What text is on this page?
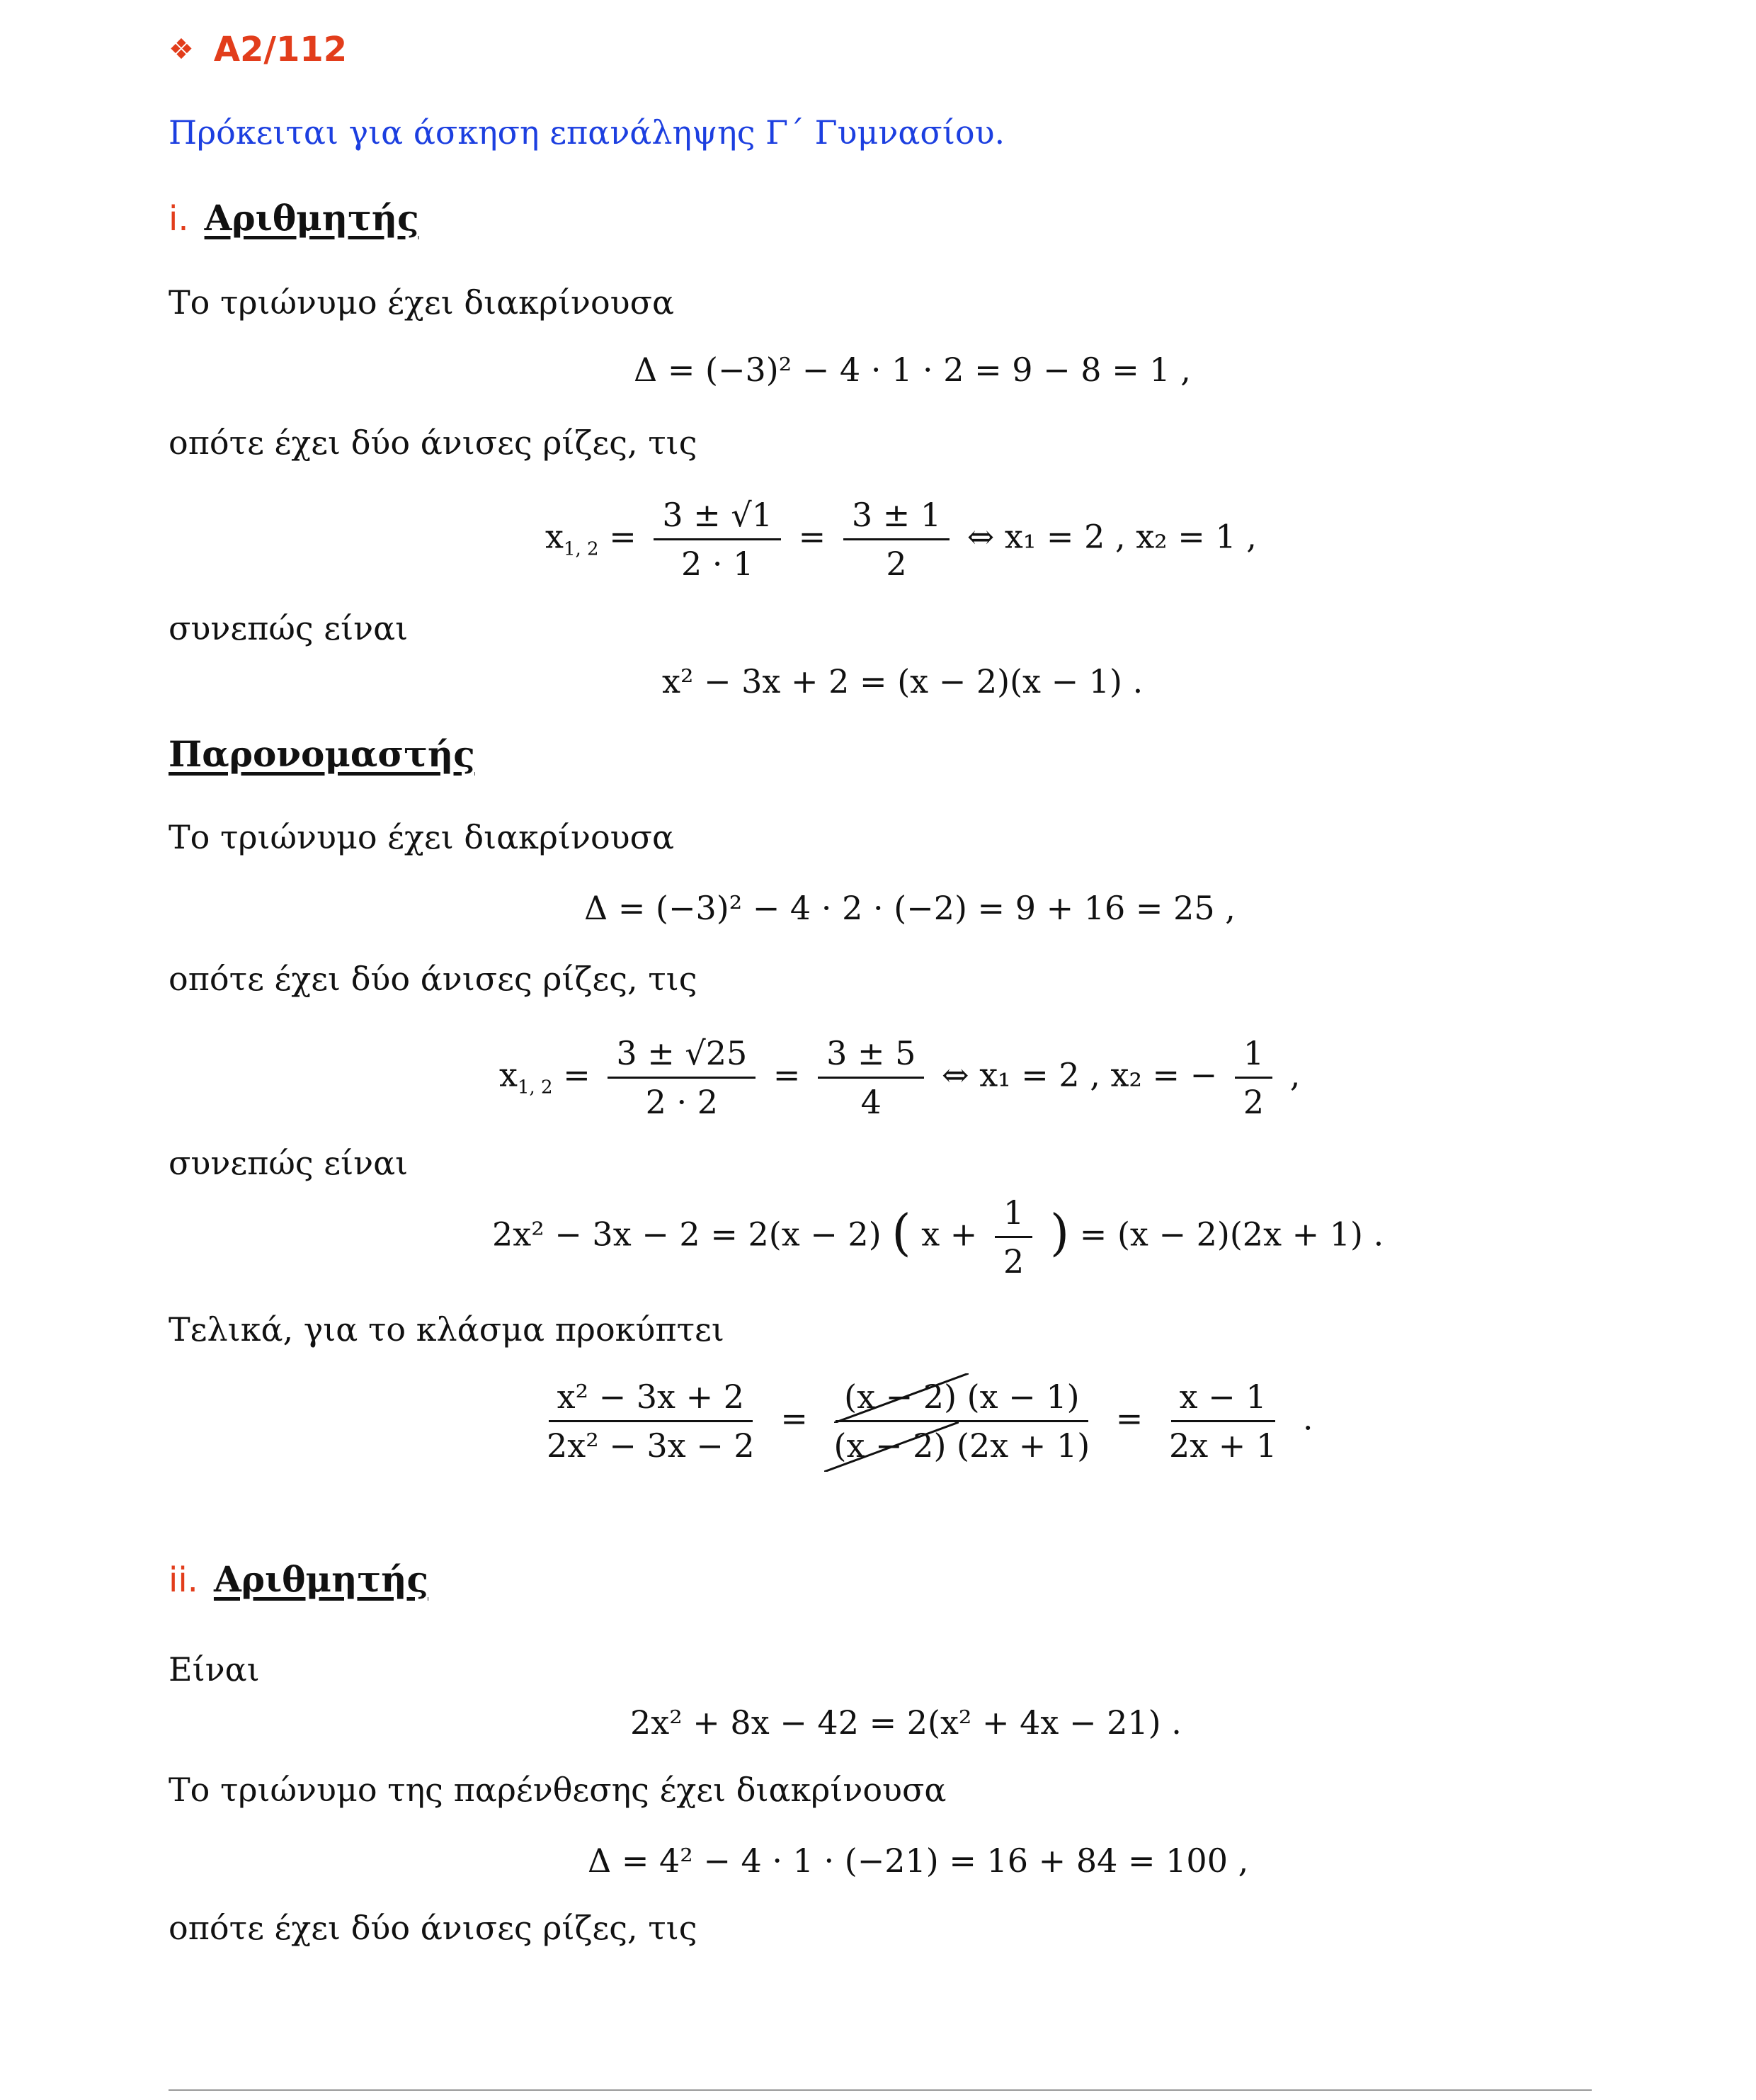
❖ A2/112
Πρόκειται για άσκηση επανάληψης Γ΄ Γυμνασίου.
i. Αριθμητής
Το τριώνυμο έχει διακρίνουσα
Δ = (−3)² − 4 · 1 · 2 = 9 − 8 = 1 ,
οπότε έχει δύο άνισες ρίζες, τις
$x_{1, 2} = \frac{3 \pm √1}{2 \cdot 1} = \frac{3 \pm 1}{2}$ ⇔ x₁ = 2 , x₂ = 1 ,
συνεπώς είναι
x² − 3x + 2 = (x − 2)(x − 1) .
Παρονομαστής
Το τριώνυμο έχει διακρίνουσα
Δ = (−3)² − 4 · 2 · (−2) = 9 + 16 = 25 ,
οπότε έχει δύο άνισες ρίζες, τις
$x_{1, 2} = \frac{3 \pm √25}{2 \cdot 2} = \frac{3 \pm 5}{4}$ ⇔ x₁ = 2 , x₂ = − $\frac{1}{2}$ ,
συνεπώς είναι
2x² − 3x − 2 = 2(x − 2) ( $x + \frac{1}{2}$ ) = (x − 2)(2x + 1) .
Τελικά, για το κλάσμα προκύπτει
$\frac{\text{x² − 3x + 2}}{\text{2x² − 3x − 2}} = \frac{(x - 2) (x - 1)}{(x - 2) (2x + 1)} = \frac{x - 1}{2x + 1}$ .
ii. Αριθμητής
Είναι
2x² + 8x − 42 = 2(x² + 4x − 21) .
Το τριώνυμο της παρένθεσης έχει διακρίνουσα
Δ = 4² − 4 · 1 · (−21) = 16 + 84 = 100 ,
οπότε έχει δύο άνισες ρίζες, τις
